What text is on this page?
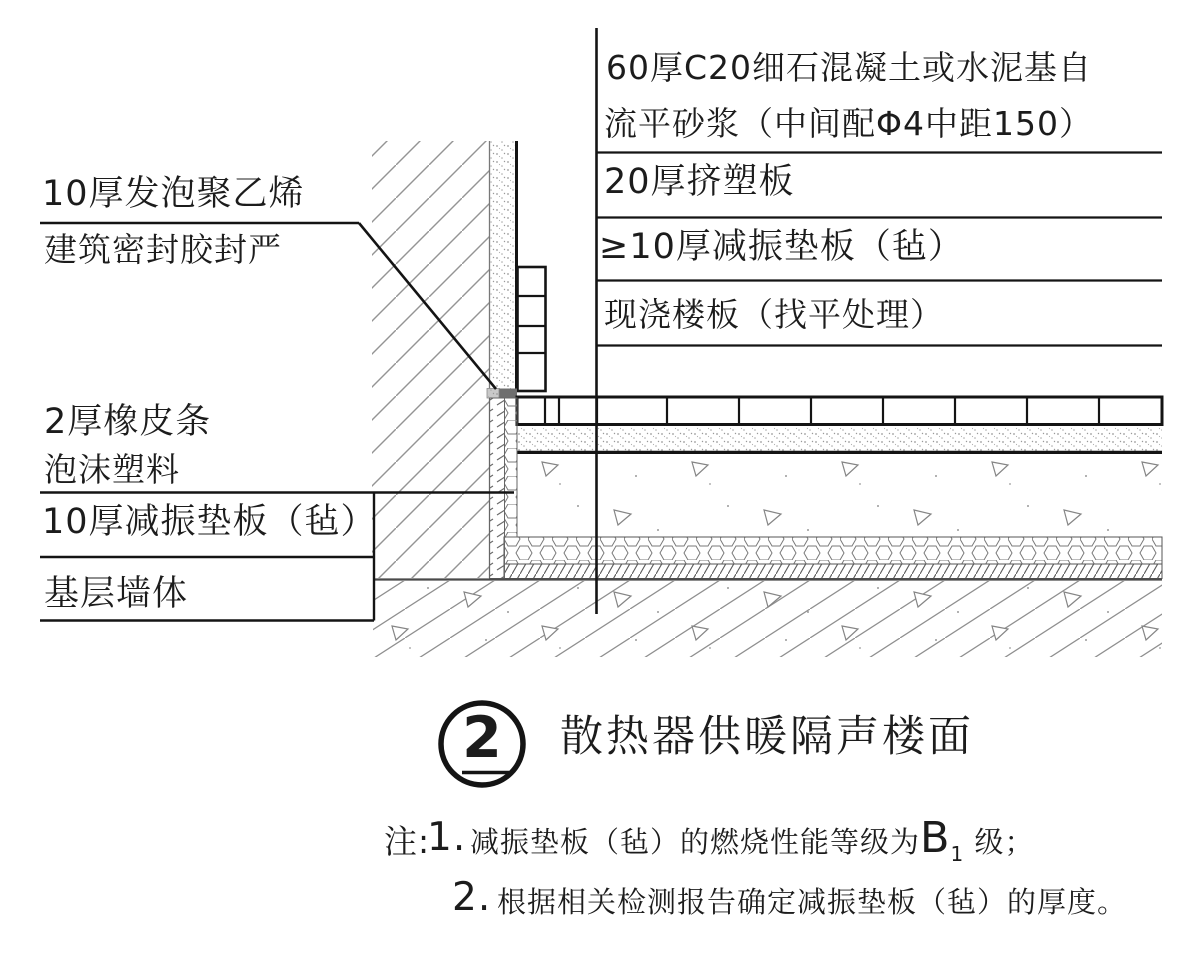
10厚发泡聚乙烯
建筑密封胶封严
2厚橡皮条
泡沫塑料
10厚减振垫板（毡）
基层墙体
60厚C20细石混凝土或水泥基自
流平砂浆（中间配Φ4中距150）
20厚挤塑板
≥10厚减振垫板（毡）
现浇楼板（找平处理）
2 散热器供暖隔声楼面
注:
1. 减振垫板（毡）的燃烧性能等级为$B_1$ 级；
2. 根据相关检测报告确定减振垫板（毡）的厚度。
